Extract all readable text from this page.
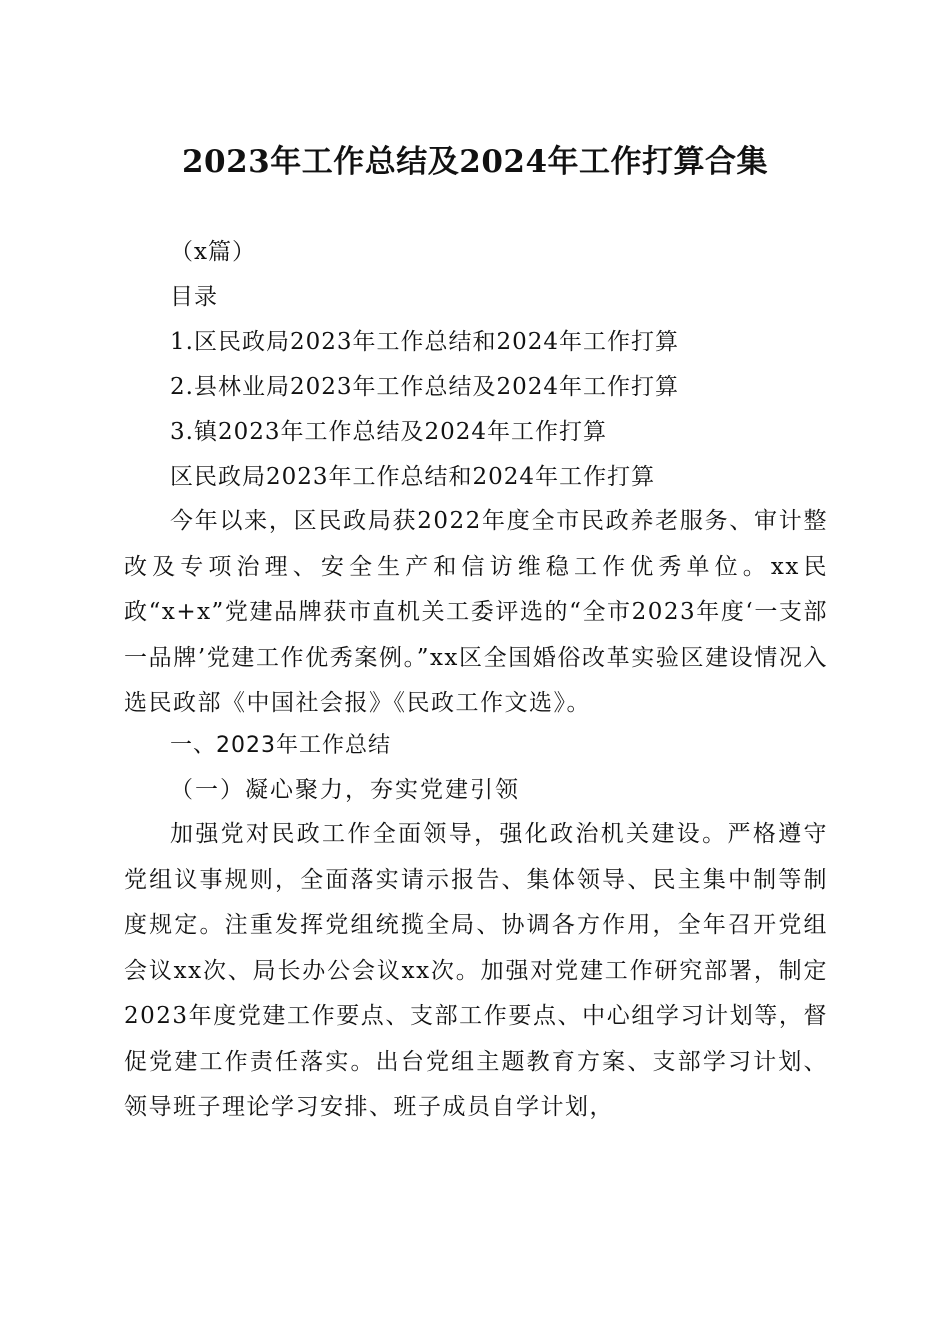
2023年工作总结及2024年工作打算合集
（x篇）
目录
1.区民政局2023年工作总结和2024年工作打算
2.县林业局2023年工作总结及2024年工作打算
3.镇2023年工作总结及2024年工作打算
区民政局2023年工作总结和2024年工作打算
今年以来，区民政局获2022年度全市民政养老服务、审计整改及专项治理、安全生产和信访维稳工作优秀单位。xx民政“x+x”党建品牌获市直机关工委评选的“全市2023年度‘一支部一品牌’党建工作优秀案例。”xx区全国婚俗改革实验区建设情况入选民政部《中国社会报》《民政工作文选》。
一、2023年工作总结
（一）凝心聚力，夯实党建引领
加强党对民政工作全面领导，强化政治机关建设。严格遵守党组议事规则，全面落实请示报告、集体领导、民主集中制等制度规定。注重发挥党组统揽全局、协调各方作用，全年召开党组会议xx次、局长办公会议xx次。加强对党建工作研究部署，制定2023年度党建工作要点、支部工作要点、中心组学习计划等，督促党建工作责任落实。出台党组主题教育方案、支部学习计划、领导班子理论学习安排、班子成员自学计划，
